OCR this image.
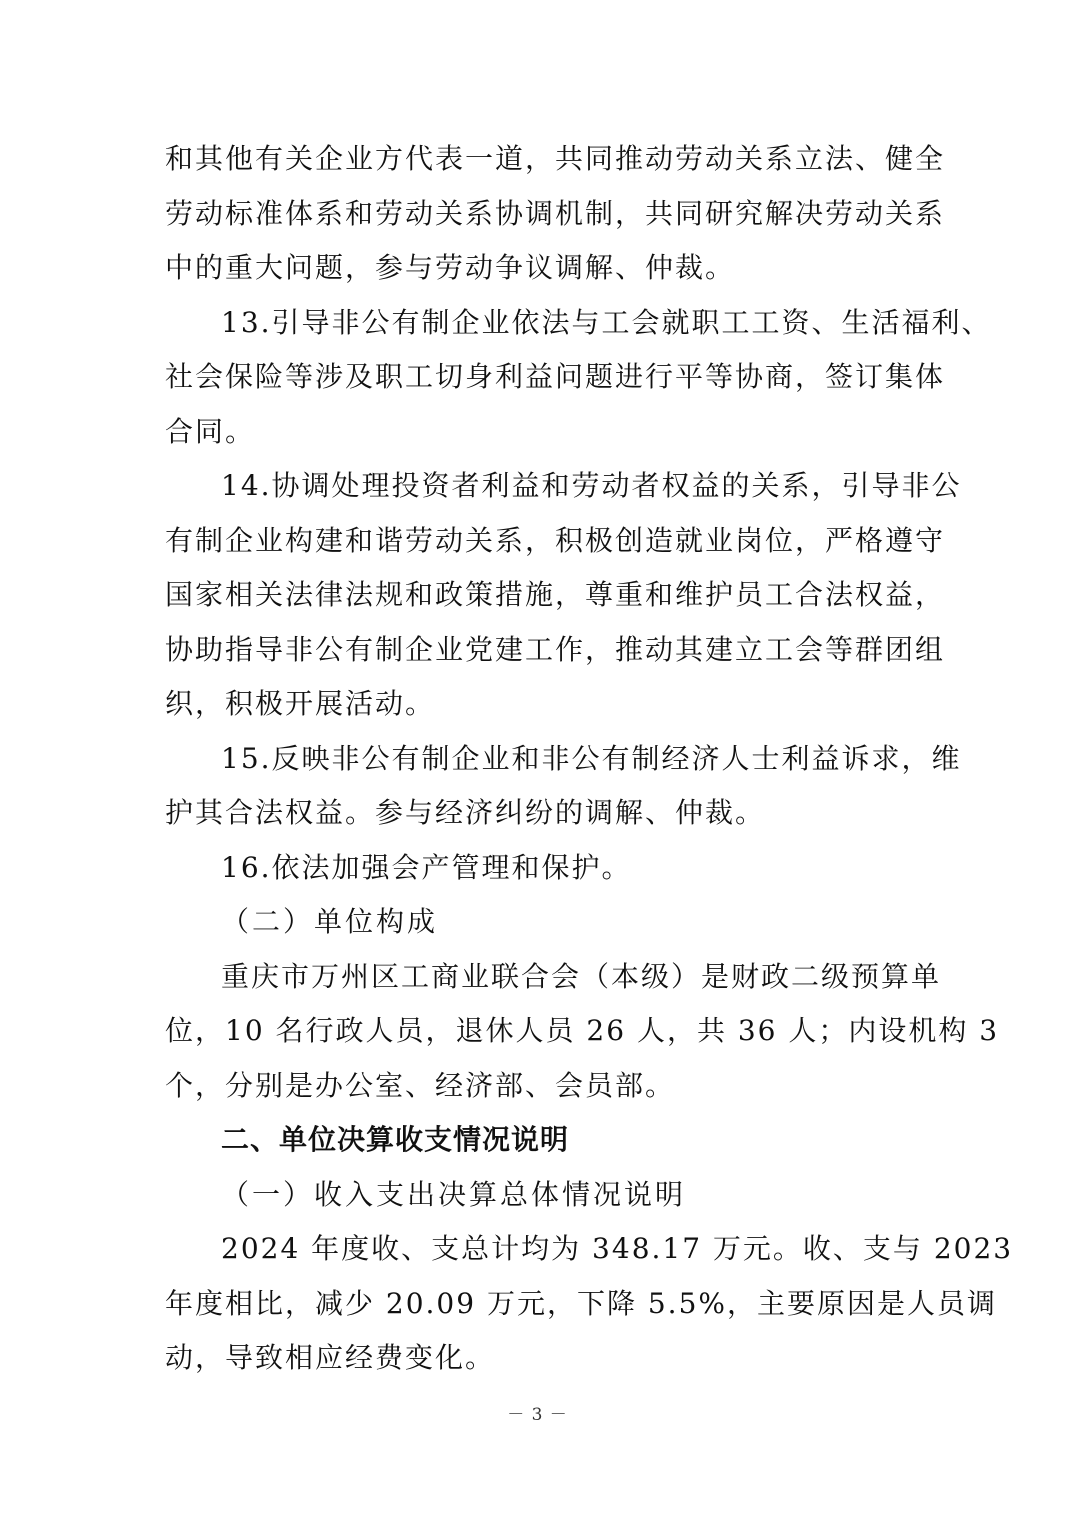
和其他有关企业方代表一道，共同推动劳动关系立法、健全
劳动标准体系和劳动关系协调机制，共同研究解决劳动关系
中的重大问题，参与劳动争议调解、仲裁。
13.引导非公有制企业依法与工会就职工工资、生活福利、
社会保险等涉及职工切身利益问题进行平等协商，签订集体
合同。
14.协调处理投资者利益和劳动者权益的关系，引导非公
有制企业构建和谐劳动关系，积极创造就业岗位，严格遵守
国家相关法律法规和政策措施，尊重和维护员工合法权益，
协助指导非公有制企业党建工作，推动其建立工会等群团组
织，积极开展活动。
15.反映非公有制企业和非公有制经济人士利益诉求，维
护其合法权益。参与经济纠纷的调解、仲裁。
16.依法加强会产管理和保护。
（二）单位构成
重庆市万州区工商业联合会（本级）是财政二级预算单
位，10 名行政人员，退休人员 26 人，共 36 人；内设机构 3
个，分别是办公室、经济部、会员部。
二、单位决算收支情况说明
（一）收入支出决算总体情况说明
2024 年度收、支总计均为 348.17 万元。收、支与 2023
年度相比，减少 20.09 万元，下降 5.5%，主要原因是人员调
动，导致相应经费变化。
－ 3 －
